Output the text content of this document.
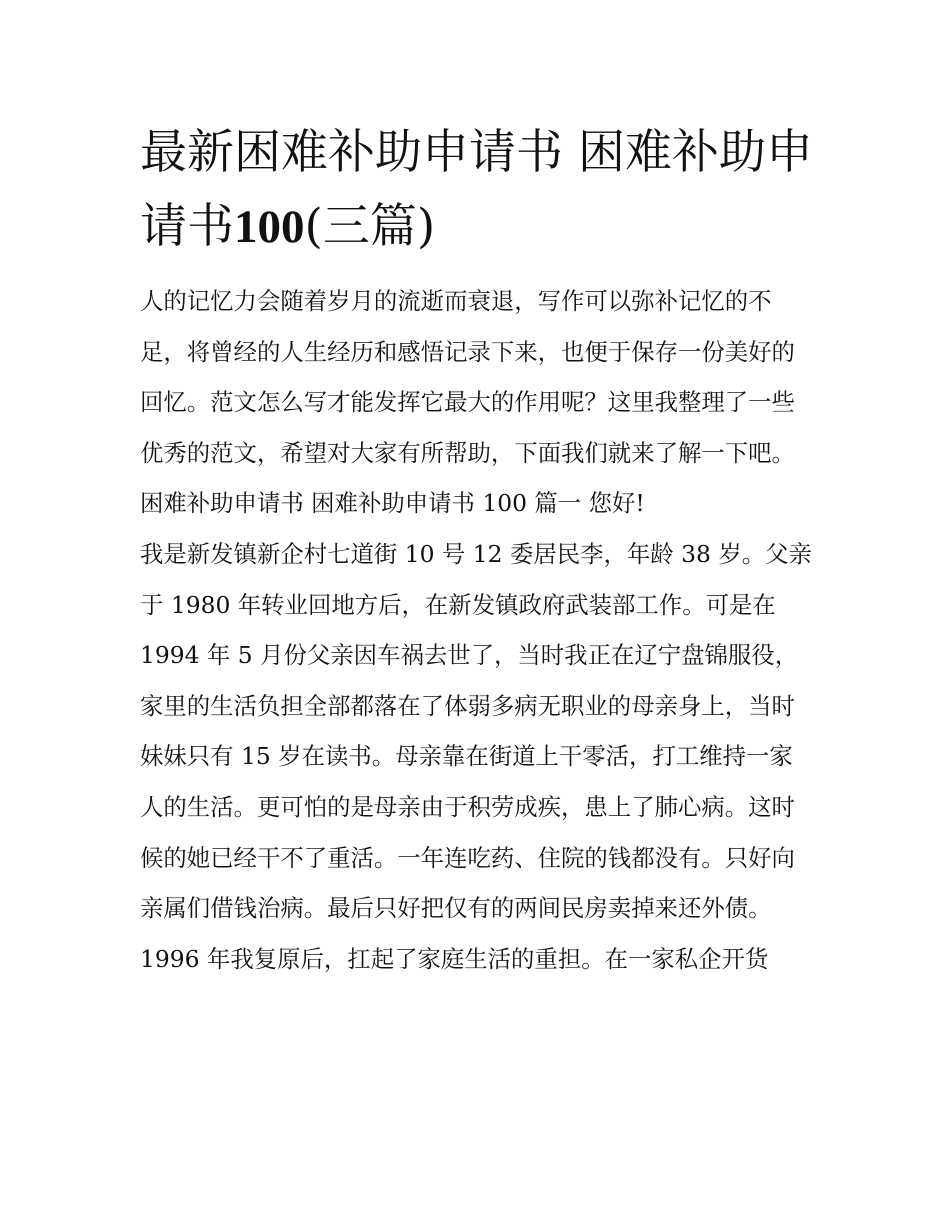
最新困难补助申请书 困难补助申请书100(三篇)

人的记忆力会随着岁月的流逝而衰退，写作可以弥补记忆的不足，将曾经的人生经历和感悟记录下来，也便于保存一份美好的回忆。范文怎么写才能发挥它最大的作用呢？这里我整理了一些优秀的范文，希望对大家有所帮助，下面我们就来了解一下吧。

困难补助申请书 困难补助申请书 100 篇一 您好!

我是新发镇新企村七道街 10 号 12 委居民李，年龄 38 岁。父亲于 1980 年转业回地方后，在新发镇政府武装部工作。可是在 1994 年 5 月份父亲因车祸去世了，当时我正在辽宁盘锦服役，家里的生活负担全部都落在了体弱多病无职业的母亲身上，当时妹妹只有 15 岁在读书。母亲靠在街道上干零活，打工维持一家人的生活。更可怕的是母亲由于积劳成疾，患上了肺心病。这时候的她已经干不了重活。一年连吃药、住院的钱都没有。只好向亲属们借钱治病。最后只好把仅有的两间民房卖掉来还外债。

1996 年我复原后，扛起了家庭生活的重担。在一家私企开货
